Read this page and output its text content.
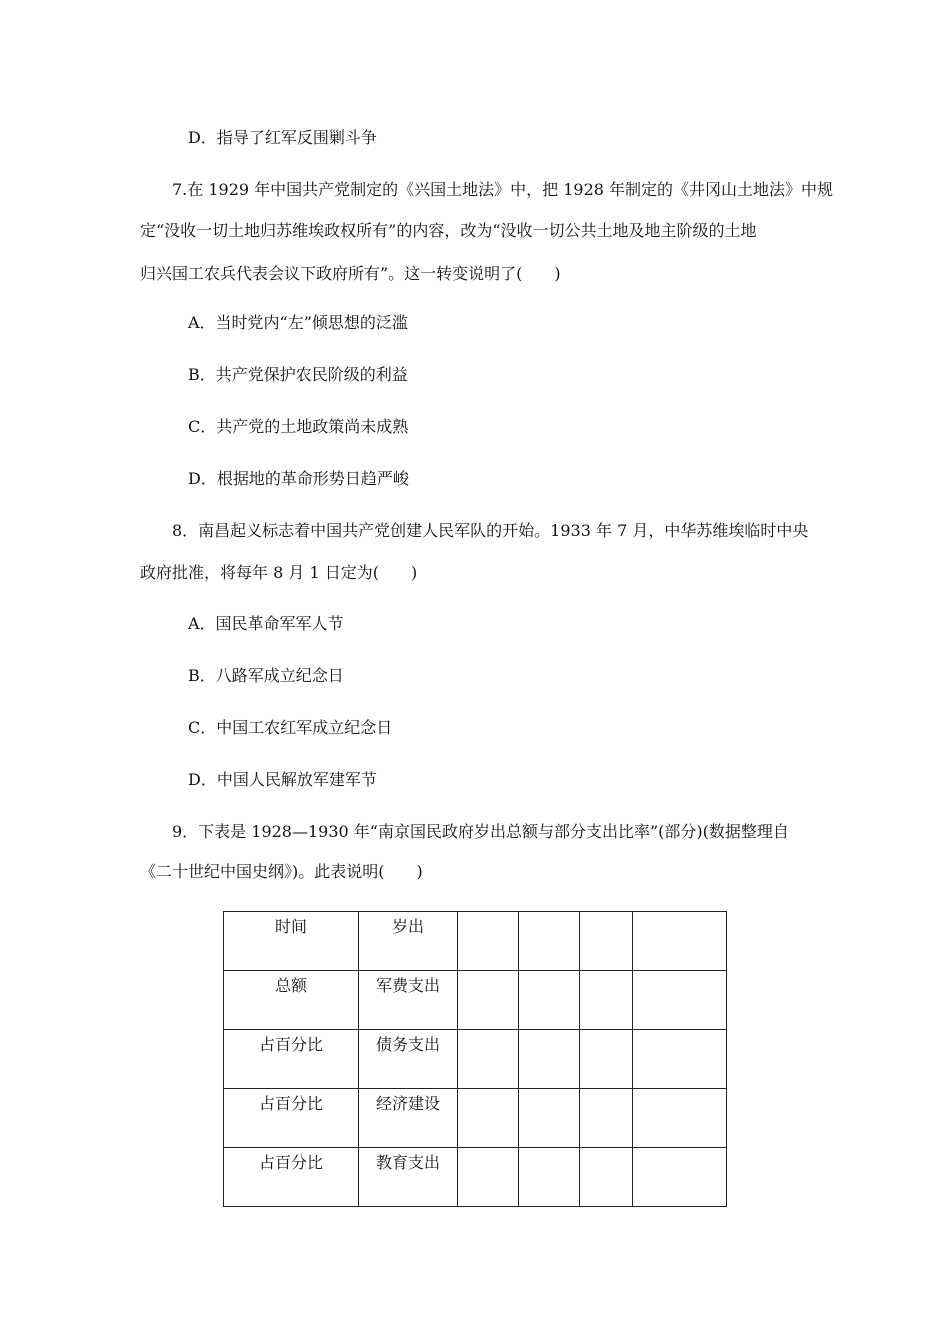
D．指导了红军反围剿斗争
7.在 1929 年中国共产党制定的《兴国土地法》中，把 1928 年制定的《井冈山土地法》中规
定“没收一切土地归苏维埃政权所有”的内容，改为“没收一切公共土地及地主阶级的土地
归兴国工农兵代表会议下政府所有”。这一转变说明了(　　)
A．当时党内“左”倾思想的泛滥
B．共产党保护农民阶级的利益
C．共产党的土地政策尚未成熟
D．根据地的革命形势日趋严峻
8．南昌起义标志着中国共产党创建人民军队的开始。1933 年 7 月，中华苏维埃临时中央
政府批准，将每年 8 月 1 日定为(　　)
A．国民革命军军人节
B．八路军成立纪念日
C．中国工农红军成立纪念日
D．中国人民解放军建军节
9．下表是 1928—1930 年“南京国民政府岁出总额与部分支出比率”(部分)(数据整理自
《二十世纪中国史纲》)。此表说明(　　)
时间	岁出				
总额	军费支出				
占百分比	债务支出				
占百分比	经济建设				
占百分比	教育支出				
